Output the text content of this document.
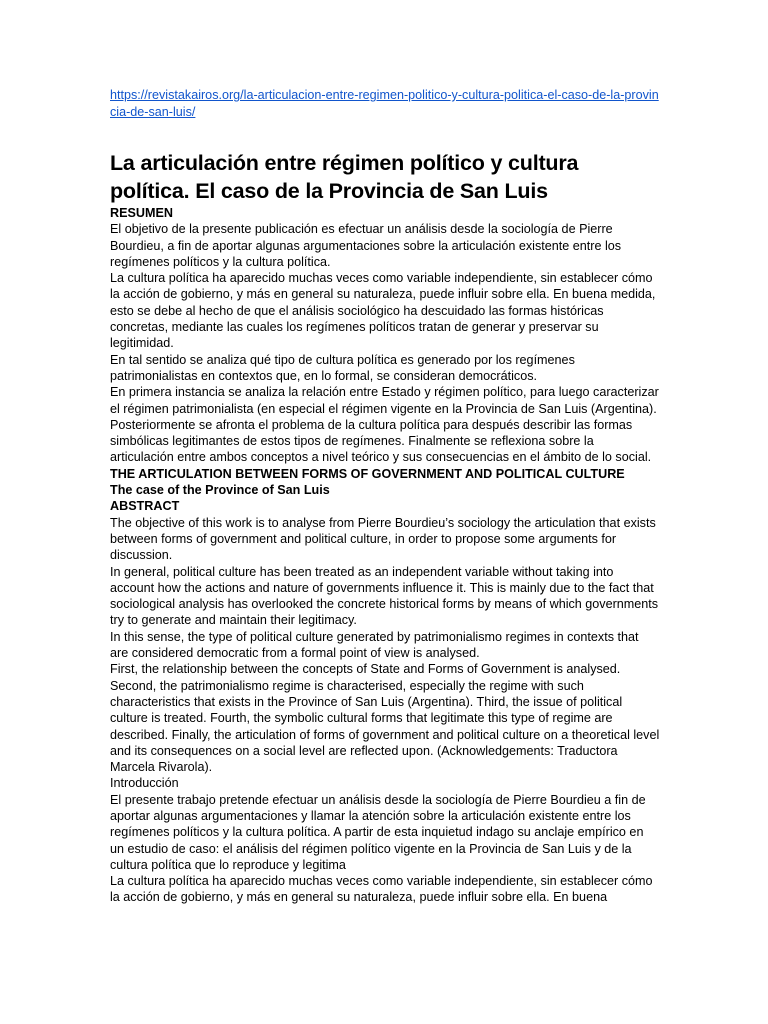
https://revistakairos.org/la-articulacion-entre-regimen-politico-y-cultura-politica-el-caso-de-la-provincia-de-san-luis/
La articulación entre régimen político y cultura política. El caso de la Provincia de San Luis

RESUMEN

El objetivo de la presente publicación es efectuar un análisis desde la sociología de Pierre Bourdieu, a fin de aportar algunas argumentaciones sobre la articulación existente entre los regímenes políticos y la cultura política.

La cultura política ha aparecido muchas veces como variable independiente, sin establecer cómo la acción de gobierno, y más en general su naturaleza, puede influir sobre ella. En buena medida, esto se debe al hecho de que el análisis sociológico ha descuidado las formas históricas concretas, mediante las cuales los regímenes políticos tratan de generar y preservar su legitimidad.

En tal sentido se analiza qué tipo de cultura política es generado por los regímenes patrimonialistas en contextos que, en lo formal, se consideran democráticos.

En primera instancia se analiza la relación entre Estado y régimen político, para luego caracterizar el régimen patrimonialista (en especial el régimen vigente en la Provincia de San Luis (Argentina). Posteriormente se afronta el problema de la cultura política para después describir las formas simbólicas legitimantes de estos tipos de regímenes. Finalmente se reflexiona sobre la articulación entre ambos conceptos a nivel teórico y sus consecuencias en el ámbito de lo social.

THE ARTICULATION BETWEEN FORMS OF GOVERNMENT AND POLITICAL CULTURE

The case of the Province of San Luis

ABSTRACT

The objective of this work is to analyse from Pierre Bourdieu’s sociology the articulation that exists between forms of government and political culture, in order to propose some arguments for discussion.

In general, political culture has been treated as an independent variable without taking into account how the actions and nature of governments influence it. This is mainly due to the fact that sociological analysis has overlooked the concrete historical forms by means of which governments try to generate and maintain their legitimacy.

In this sense, the type of political culture generated by patrimonialismo regimes in contexts that are considered democratic from a formal point of view is analysed.

First, the relationship between the concepts of State and Forms of Government is analysed. Second, the patrimonialismo regime is characterised, especially the regime with such characteristics that exists in the Province of San Luis (Argentina). Third, the issue of political culture is treated. Fourth, the symbolic cultural forms that legitimate this type of regime are described. Finally, the articulation of forms of government and political culture on a theoretical level and its consequences on a social level are reflected upon. (Acknowledgements: Traductora Marcela Rivarola).

Introducción

El presente trabajo pretende efectuar un análisis desde la sociología de Pierre Bourdieu a fin de aportar algunas argumentaciones y llamar la atención sobre la articulación existente entre los regímenes políticos y la cultura política. A partir de esta inquietud indago su anclaje empírico en un estudio de caso: el análisis del régimen político vigente en la Provincia de San Luis y de la cultura política que lo reproduce y legitima

La cultura política ha aparecido muchas veces como variable independiente, sin establecer cómo la acción de gobierno, y más en general su naturaleza, puede influir sobre ella. En buena
